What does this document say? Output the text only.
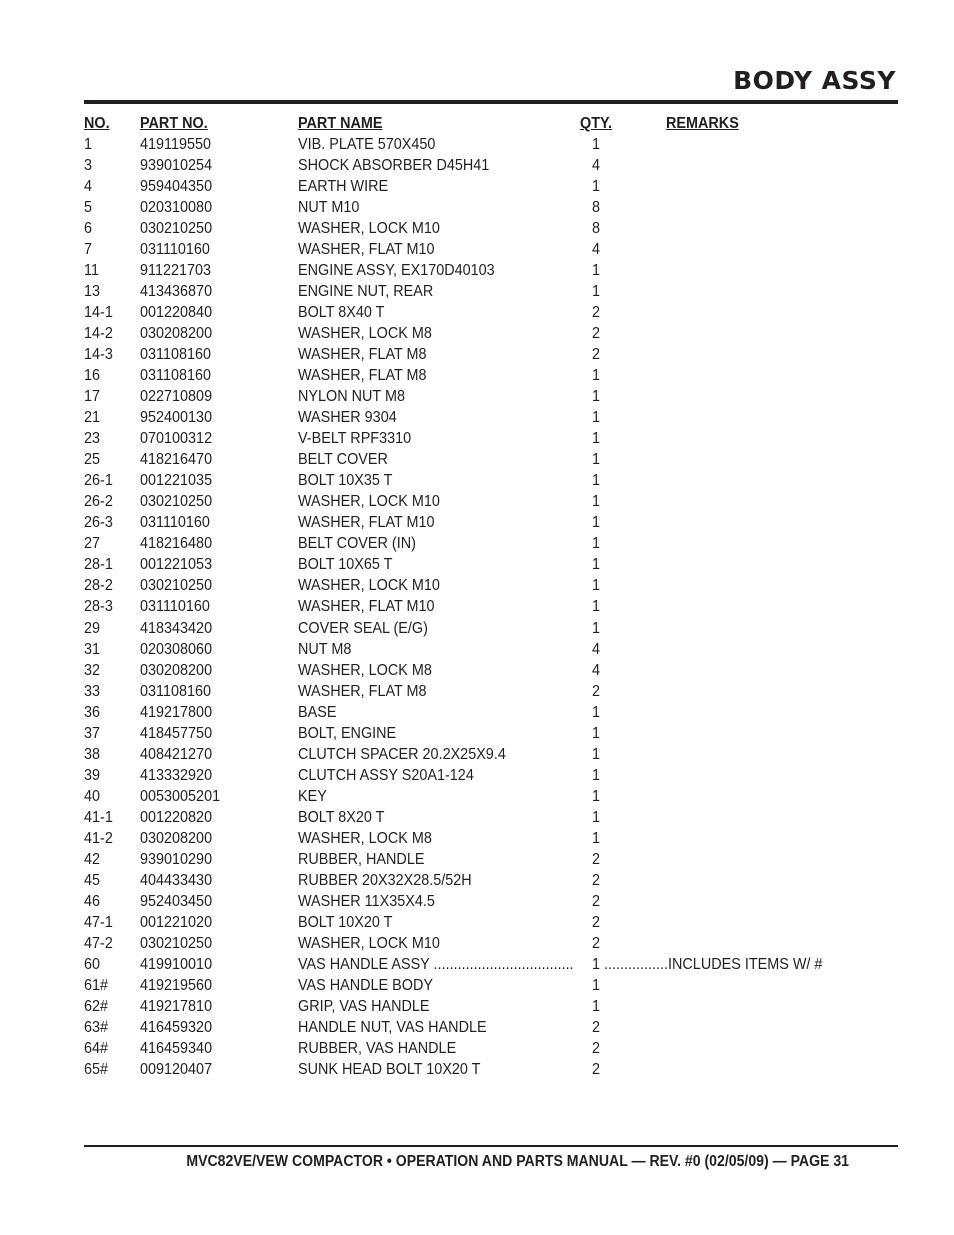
BODY ASSY
NO. PART NO.	PART NAME	QTY.	REMARKS
1	419119550	VIB. PLATE 570X450	1
3	939010254	SHOCK ABSORBER D45H41	4
4	959404350	EARTH WIRE	1
5	020310080	NUT M10	8
6	030210250	WASHER, LOCK M10	8
7	031110160	WASHER, FLAT M10	4
11	911221703	ENGINE ASSY, EX170D40103	1
13 413436870	ENGINE NUT, REAR	1
14-1 001220840	BOLT 8X40 T	2
14-2 030208200	WASHER, LOCK M8	2
14-3 031108160	WASHER, FLAT M8	2
16 031108160	WASHER, FLAT M8	1
17 022710809	NYLON NUT M8	1
21 952400130	WASHER 9304	1
23 070100312	V-BELT RPF3310	1
25 418216470	BELT COVER	1
26-1 001221035	BOLT 10X35 T	1
26-2 030210250	WASHER, LOCK M10	1
26-3 031110160	WASHER, FLAT M10	1
27 418216480	BELT COVER (IN)	1
28-1 001221053	BOLT 10X65 T	1
28-2 030210250	WASHER, LOCK M10	1
28-3 031110160	WASHER, FLAT M10	1
29 418343420	COVER SEAL (E/G)	1
31 020308060	NUT M8	4
32 030208200	WASHER, LOCK M8	4
33 031108160	WASHER, FLAT M8	2
36 419217800	BASE	1
37 418457750	BOLT, ENGINE	1
38 408421270	CLUTCH SPACER 20.2X25X9.4	1
39 413332920	CLUTCH ASSY S20A1-124	1
40 0053005201	KEY	1
41-1 001220820	BOLT 8X20 T	1
41-2 030208200	WASHER, LOCK M8	1
42 939010290	RUBBER, HANDLE	2
45 404433430	RUBBER 20X32X28.5/52H	2
46 952403450	WASHER 11X35X4.5	2
47-1 001221020	BOLT 10X20 T	2
47-2 030210250	WASHER, LOCK M10	2
60 419910010	VAS HANDLE ASSY ................................... 1 ................INCLUDES ITEMS W/ #
61# 419219560	VAS HANDLE BODY	1
62# 419217810	GRIP, VAS HANDLE	1
63# 416459320	HANDLE NUT, VAS HANDLE	2
64# 416459340	RUBBER, VAS HANDLE	2
65# 009120407	SUNK HEAD BOLT 10X20 T	2
MVC82VE/VEW COMPACTOR • OPERATION AND PARTS MANUAL — REV. #0 (02/05/09) — PAGE 31
